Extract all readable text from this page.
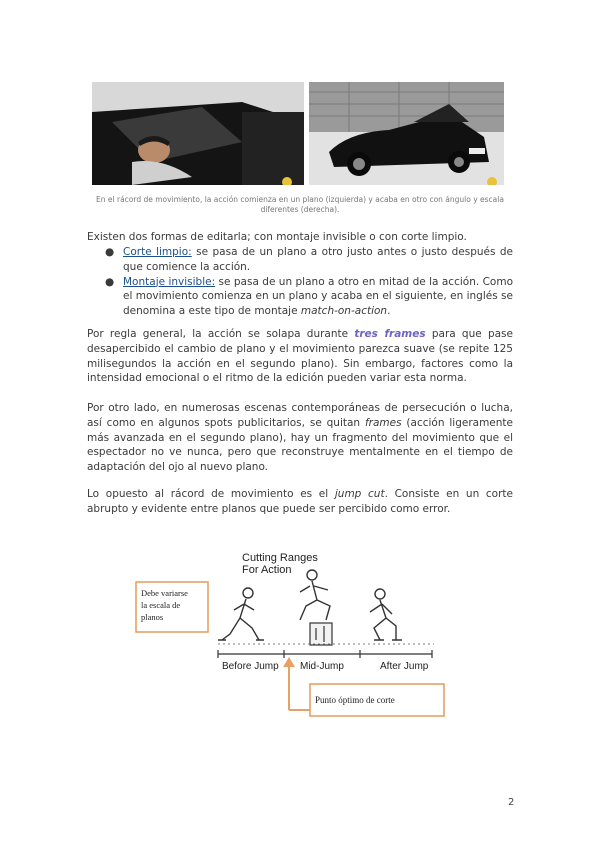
En el rácord de movimiento, la acción comienza en un plano (izquierda) y acaba en otro con ángulo y escala diferentes (derecha).
Existen dos formas de editarla; con montaje invisible o con corte limpio.
● Corte limpio: se pasa de un plano a otro justo antes o justo después de que comience la acción.
● Montaje invisible: se pasa de un plano a otro en mitad de la acción. Como el movimiento comienza en un plano y acaba en el siguiente, en inglés se denomina a este tipo de montaje match-on-action.
Por regla general, la acción se solapa durante tres frames para que pase desapercibido el cambio de plano y el movimiento parezca suave (se repite 125 milisegundos la acción en el segundo plano). Sin embargo, factores como la intensidad emocional o el ritmo de la edición pueden variar esta norma.
Por otro lado, en numerosas escenas contemporáneas de persecución o lucha, así como en algunos spots publicitarios, se quitan frames (acción ligeramente más avanzada en el segundo plano), hay un fragmento del movimiento que el espectador no ve nunca, pero que reconstruye mentalmente en el tiempo de adaptación del ojo al nuevo plano.
Lo opuesto al rácord de movimiento es el jump cut. Consiste en un corte abrupto y evidente entre planos que puede ser percibido como error.
Cutting Ranges
For Action
Before Jump Mid-Jump	After Jump
Debe variarse
la escala de
planos
Punto óptimo de corte
2
